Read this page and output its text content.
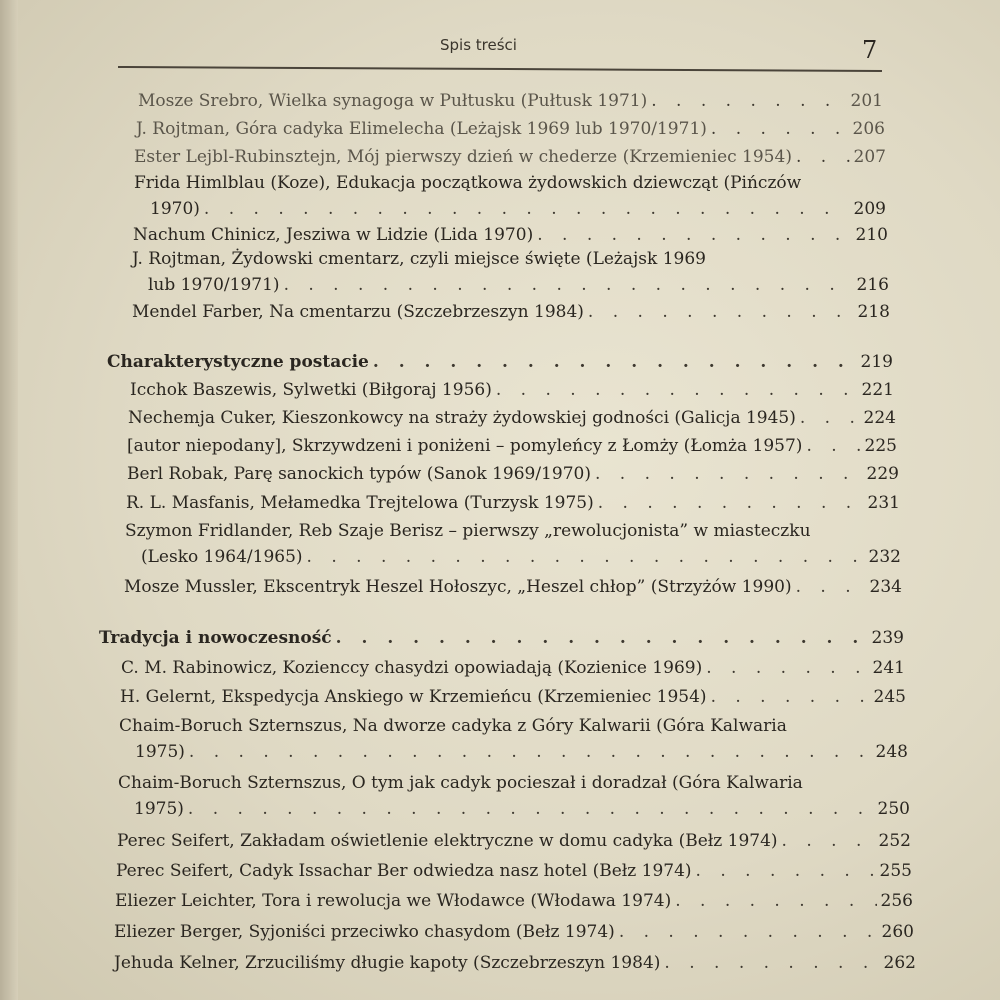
Spis treści	7
Mosze Srebro, Wielka synagoga w Pułtusku (Pułtusk 1971) . . .	201
J. Rojtman, Góra cadyka Elimelecha (Leżajsk 1969 lub 1970/1971) . . .	206
Ester Lejbl-Rubinsztejn, Mój pierwszy dzień w chederze (Krzemieniec 1954) . . .	207
Frida Himlblau (Koze), Edukacja początkowa żydowskich dziewcząt (Pińczów
1970) . . .	209
Nachum Chinicz, Jesziwa w Lidzie (Lida 1970) . . .	210
J. Rojtman, Żydowski cmentarz, czyli miejsce święte (Leżajsk 1969
lub 1970/1971) . . .	216
Mendel Farber, Na cmentarzu (Szczebrzeszyn 1984) . . .	218
Charakterystyczne postacie . . .	219
Icchok Baszewis, Sylwetki (Biłgoraj 1956) . . .	221
Nechemja Cuker, Kieszonkowcy na straży żydowskiej godności (Galicja 1945) . . .	224
[autor niepodany], Skrzywdzeni i poniżeni – pomyleńcy z Łomży (Łomża 1957) . . .	225
Berl Robak, Parę sanockich typów (Sanok 1969/1970) . . .	229
R. L. Masfanis, Mełamedka Trejtelowa (Turzysk 1975) . . .	231
Szymon Fridlander, Reb Szaje Berisz – pierwszy „rewolucjonista” w miasteczku
(Lesko 1964/1965) . . .	232
Mosze Mussler, Ekscentryk Heszel Hołoszyc, „Heszel chłop” (Strzyżów 1990) . . .	234
Tradycja i nowoczesność . . .	239
C. M. Rabinowicz, Kozienccy chasydzi opowiadają (Kozienice 1969) . . .	241
H. Gelernt, Ekspedycja Anskiego w Krzemieńcu (Krzemieniec 1954) . . .	245
Chaim-Boruch Szternszus, Na dworze cadyka z Góry Kalwarii (Góra Kalwaria
1975) . . .	248
Chaim-Boruch Szternszus, O tym jak cadyk pocieszał i doradzał (Góra Kalwaria
1975) . . .	250
Perec Seifert, Zakładam oświetlenie elektryczne w domu cadyka (Bełz 1974) . . .	252
Perec Seifert, Cadyk Issachar Ber odwiedza nasz hotel (Bełz 1974) . . .	255
Eliezer Leichter, Tora i rewolucja we Włodawce (Włodawa 1974) . . .	256
Eliezer Berger, Syjoniści przeciwko chasydom (Bełz 1974) . . .	260
Jehuda Kelner, Zrzuciliśmy długie kapoty (Szczebrzeszyn 1984) . . .	262
